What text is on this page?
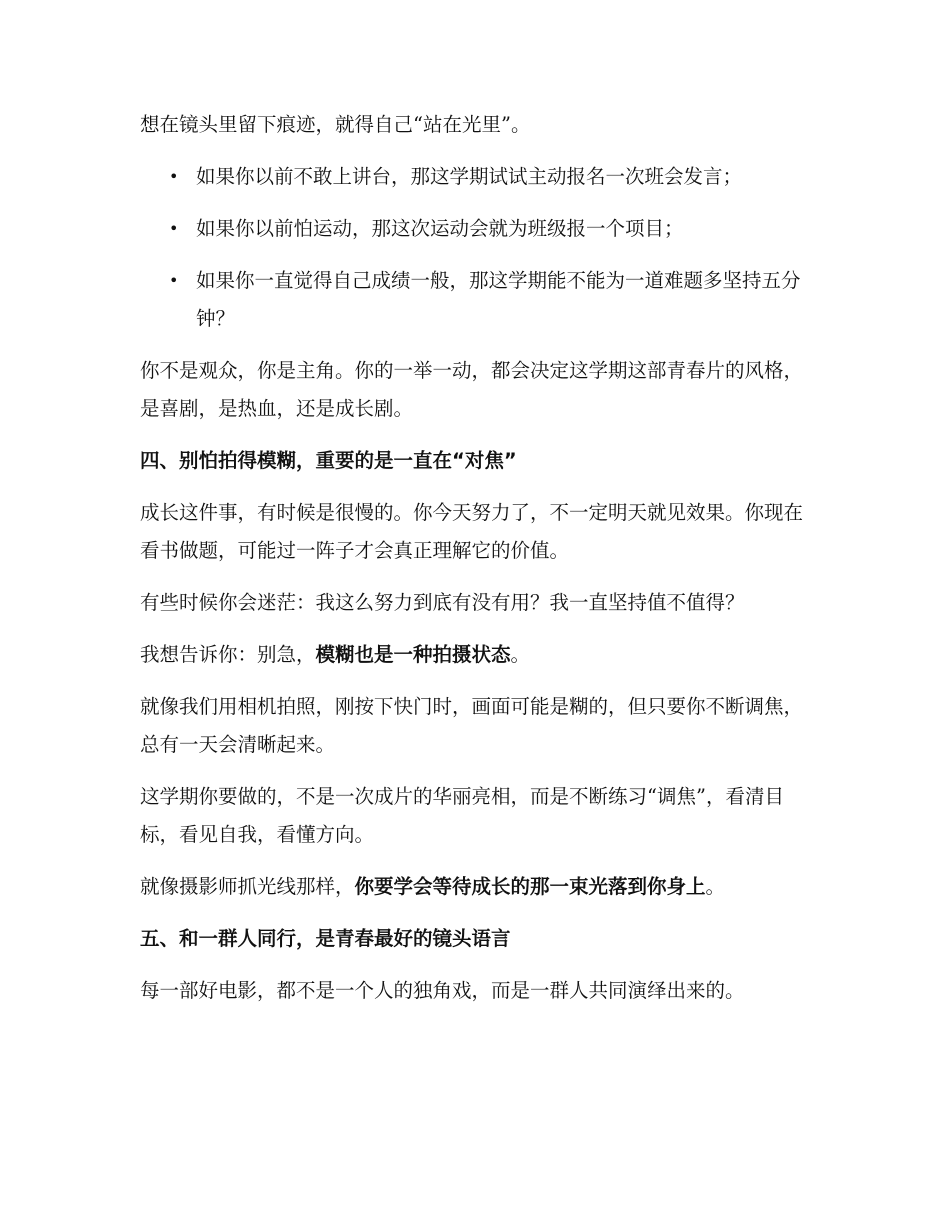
想在镜头里留下痕迹，就得自己“站在光里”。

• 如果你以前不敢上讲台，那这学期试试主动报名一次班会发言；
• 如果你以前怕运动，那这次运动会就为班级报一个项目；
• 如果你一直觉得自己成绩一般，那这学期能不能为一道难题多坚持五分钟？

你不是观众，你是主角。你的一举一动，都会决定这学期这部青春片的风格，是喜剧，是热血，还是成长剧。

四、别怕拍得模糊，重要的是一直在“对焦”

成长这件事，有时候是很慢的。你今天努力了，不一定明天就见效果。你现在看书做题，可能过一阵子才会真正理解它的价值。

有些时候你会迷茫：我这么努力到底有没有用？我一直坚持值不值得？

我想告诉你：别急，模糊也是一种拍摄状态。

就像我们用相机拍照，刚按下快门时，画面可能是糊的，但只要你不断调焦，总有一天会清晰起来。

这学期你要做的，不是一次成片的华丽亮相，而是不断练习“调焦”，看清目标，看见自我，看懂方向。

就像摄影师抓光线那样，你要学会等待成长的那一束光落到你身上。

五、和一群人同行，是青春最好的镜头语言

每一部好电影，都不是一个人的独角戏，而是一群人共同演绎出来的。
